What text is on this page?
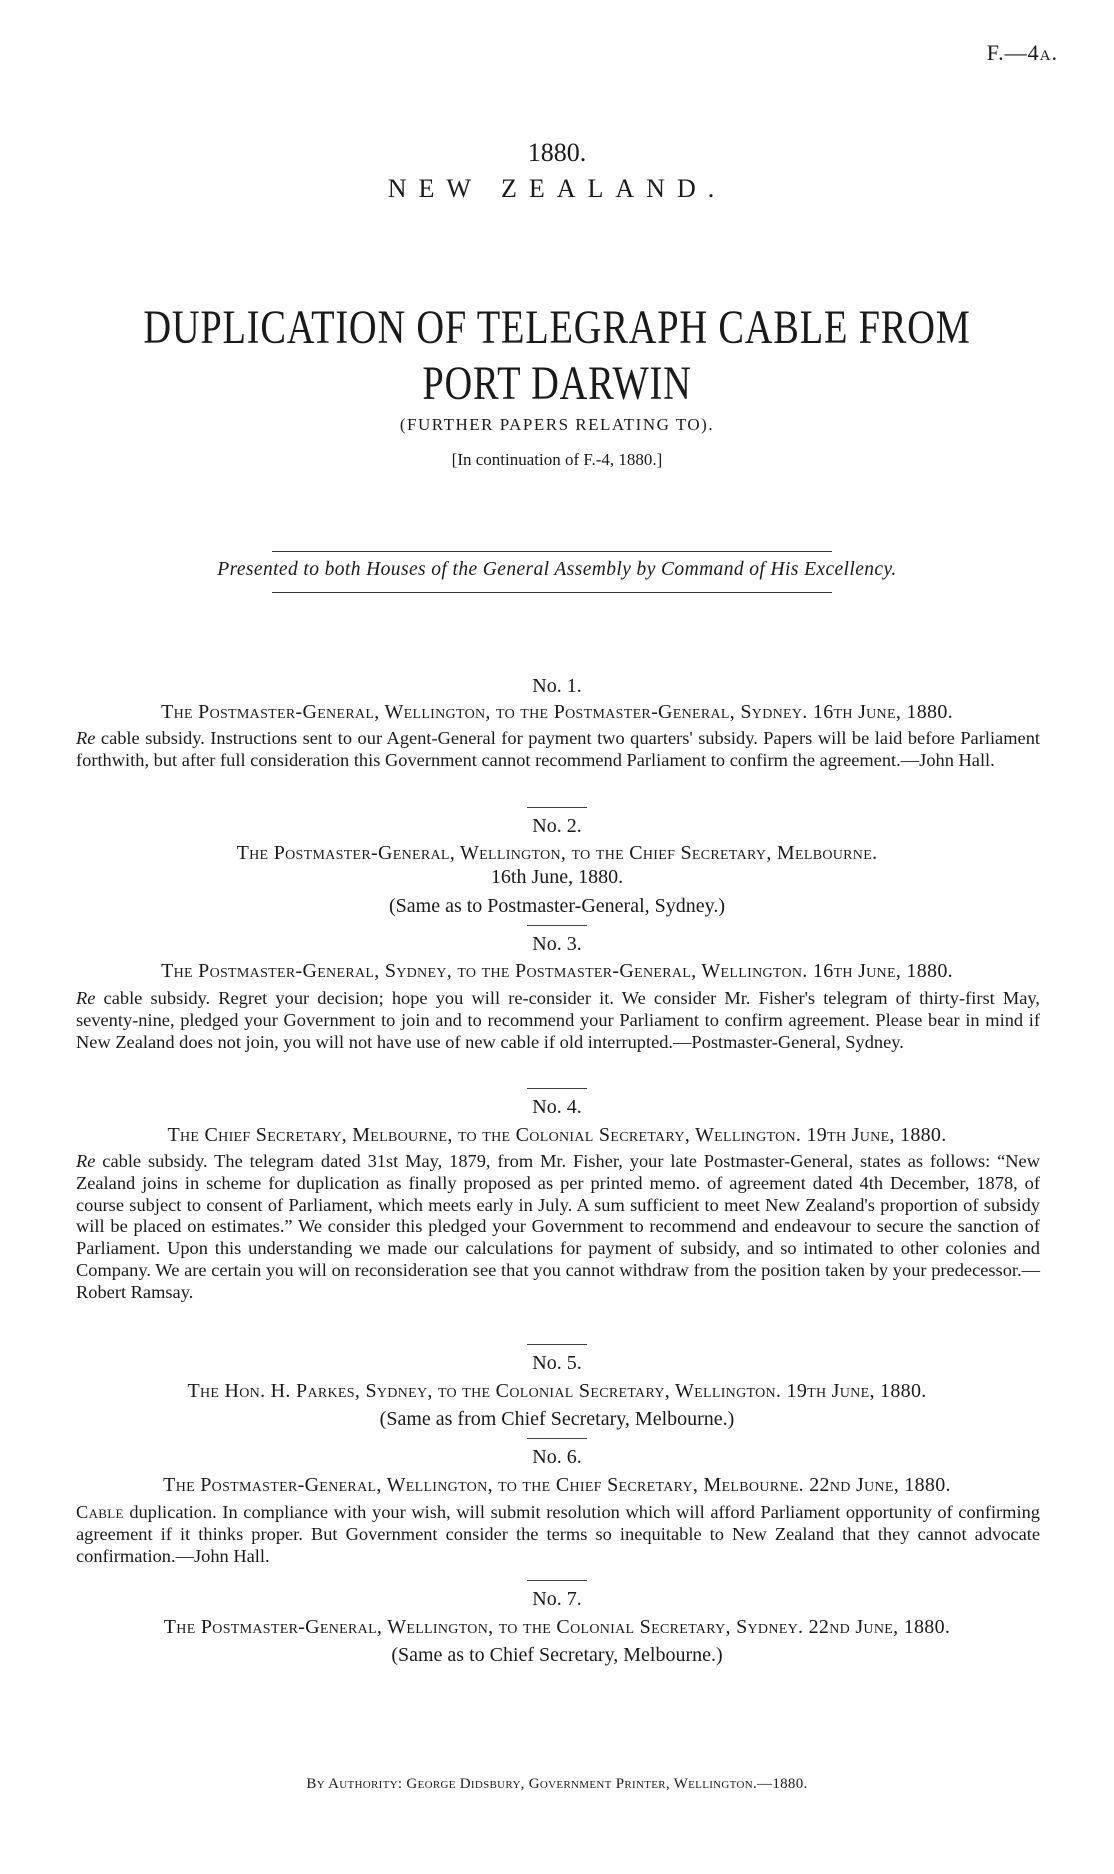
F.—4a.
1880.
NEW ZEALAND.
DUPLICATION OF TELEGRAPH CABLE FROM
PORT DARWIN
(FURTHER PAPERS RELATING TO).
[In continuation of F.-4, 1880.]
Presented to both Houses of the General Assembly by Command of His Excellency.
No. 1.
The Postmaster-General, Wellington, to the Postmaster-General, Sydney. 16th June, 1880.

Re cable subsidy. Instructions sent to our Agent-General for payment two quarters' subsidy. Papers will be laid before Parliament forthwith, but after full consideration this Government cannot recommend Parliament to confirm the agreement.—John Hall.

No. 2.
The Postmaster-General, Wellington, to the Chief Secretary, Melbourne.
16th June, 1880.
(Same as to Postmaster-General, Sydney.)
No. 3.
The Postmaster-General, Sydney, to the Postmaster-General, Wellington. 16th June, 1880.

Re cable subsidy. Regret your decision; hope you will re-consider it. We consider Mr. Fisher's telegram of thirty-first May, seventy-nine, pledged your Government to join and to recommend your Parliament to confirm agreement. Please bear in mind if New Zealand does not join, you will not have use of new cable if old interrupted.—Postmaster-General, Sydney.

No. 4.
The Chief Secretary, Melbourne, to the Colonial Secretary, Wellington. 19th June, 1880.

Re cable subsidy. The telegram dated 31st May, 1879, from Mr. Fisher, your late Postmaster-General, states as follows: “New Zealand joins in scheme for duplication as finally proposed as per printed memo. of agreement dated 4th December, 1878, of course subject to consent of Parliament, which meets early in July. A sum sufficient to meet New Zealand's proportion of subsidy will be placed on estimates.” We consider this pledged your Government to recommend and endeavour to secure the sanction of Parliament. Upon this understanding we made our calculations for payment of subsidy, and so intimated to other colonies and Company. We are certain you will on reconsideration see that you cannot withdraw from the position taken by your predecessor.—Robert Ramsay.

No. 5.
The Hon. H. Parkes, Sydney, to the Colonial Secretary, Wellington. 19th June, 1880.
(Same as from Chief Secretary, Melbourne.)
No. 6.
The Postmaster-General, Wellington, to the Chief Secretary, Melbourne. 22nd June, 1880.

Cable duplication. In compliance with your wish, will submit resolution which will afford Parliament opportunity of confirming agreement if it thinks proper. But Government consider the terms so inequitable to New Zealand that they cannot advocate confirmation.—John Hall.

No. 7.
The Postmaster-General, Wellington, to the Colonial Secretary, Sydney. 22nd June, 1880.
(Same as to Chief Secretary, Melbourne.)
By Authority: George Didsbury, Government Printer, Wellington.—1880.
